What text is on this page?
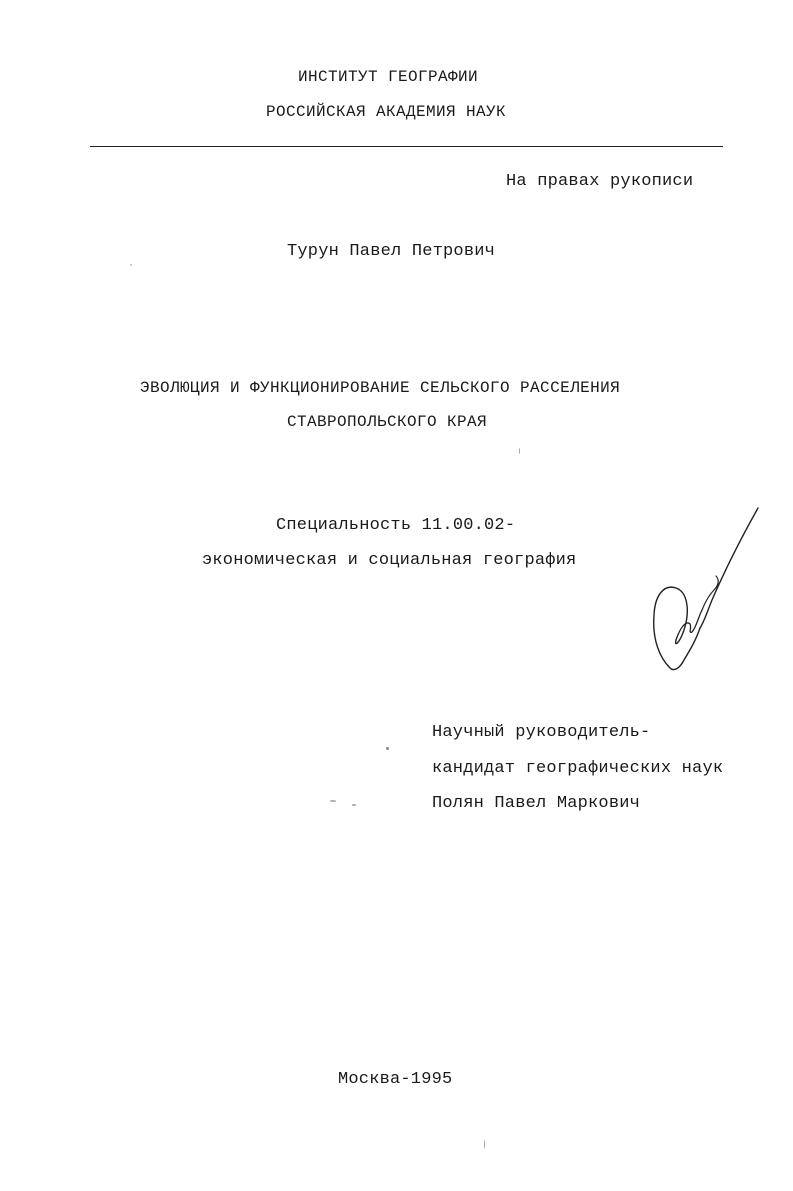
ИНСТИТУТ ГЕОГРАФИИ
РОССИЙСКАЯ АКАДЕМИЯ НАУК
На правах рукописи
Турун Павел Петрович
ЭВОЛЮЦИЯ И ФУНКЦИОНИРОВАНИЕ СЕЛЬСКОГО РАССЕЛЕНИЯ
СТАВРОПОЛЬСКОГО КРАЯ
Специальность 11.00.02-
экономическая и социальная география
Научный руководитель-
кандидат географических наук
Полян Павел Маркович
Москва-1995
